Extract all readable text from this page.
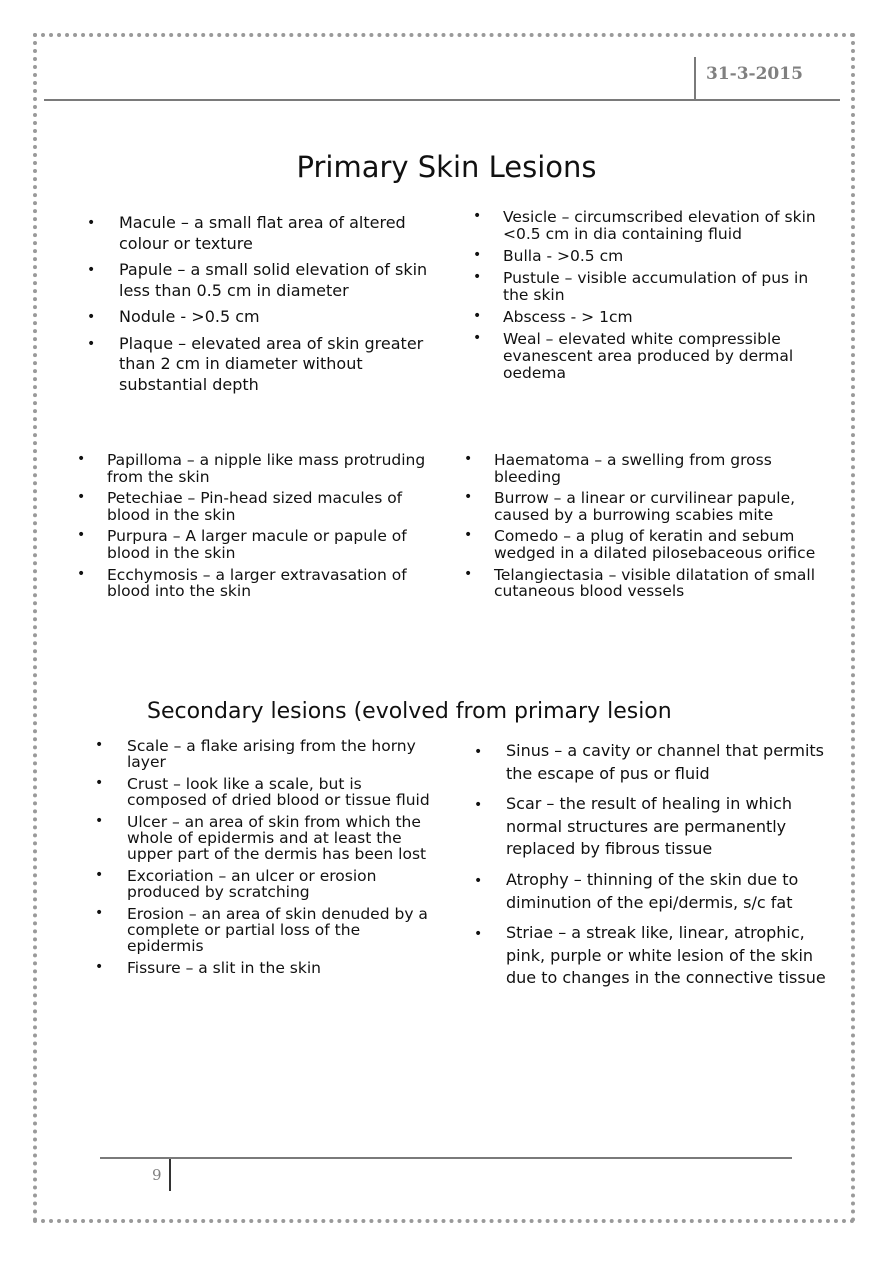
31-3-2015
Primary Skin Lesions
• Macule – a small flat area of altered colour or texture
• Papule – a small solid elevation of skin less than 0.5 cm in diameter
• Nodule - >0.5 cm
• Plaque – elevated area of skin greater than 2 cm in diameter without substantial depth
• Vesicle – circumscribed elevation of skin <0.5 cm in dia containing fluid
• Bulla - >0.5 cm
• Pustule – visible accumulation of pus in the skin
• Abscess - > 1cm
• Weal – elevated white compressible evanescent area produced by dermal oedema
• Papilloma – a nipple like mass protruding from the skin
• Petechiae – Pin-head sized macules of blood in the skin
• Purpura – A larger macule or papule of blood in the skin
• Ecchymosis – a larger extravasation of blood into the skin
• Haematoma – a swelling from gross bleeding
• Burrow – a linear or curvilinear papule, caused by a burrowing scabies mite
• Comedo – a plug of keratin and sebum wedged in a dilated pilosebaceous orifice
• Telangiectasia – visible dilatation of small cutaneous blood vessels
Secondary lesions (evolved from primary lesion
• Scale – a flake arising from the horny layer
• Crust – look like a scale, but is composed of dried blood or tissue fluid
• Ulcer – an area of skin from which the whole of epidermis and at least the upper part of the dermis has been lost
• Excoriation – an ulcer or erosion produced by scratching
• Erosion – an area of skin denuded by a complete or partial loss of the epidermis
• Fissure – a slit in the skin
• Sinus – a cavity or channel that permits the escape of pus or fluid
• Scar – the result of healing in which normal structures are permanently replaced by fibrous tissue
• Atrophy – thinning of the skin due to diminution of the epi/dermis, s/c fat
• Striae – a streak like, linear, atrophic, pink, purple or white lesion of the skin due to changes in the connective tissue
9
